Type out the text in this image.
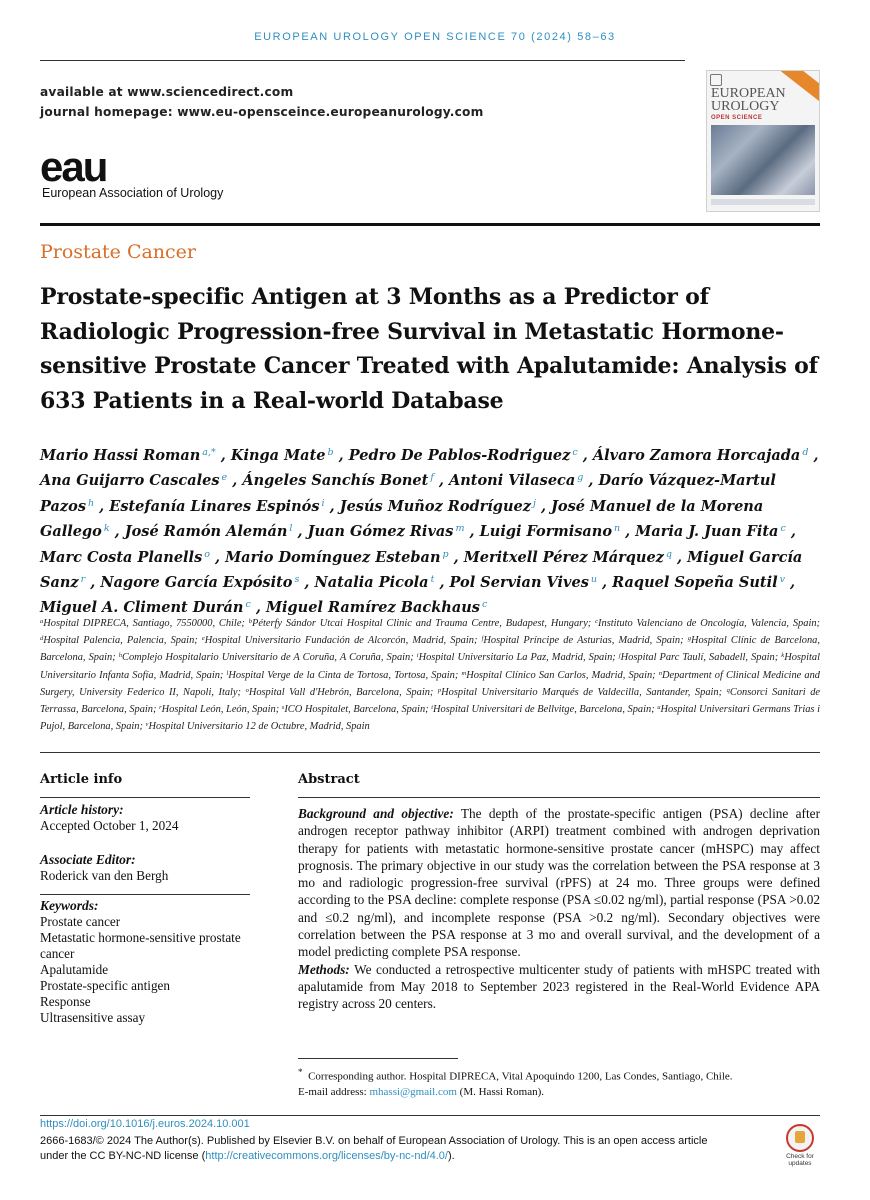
EUROPEAN UROLOGY OPEN SCIENCE 70 (2024) 58–63
available at www.sciencedirect.com
journal homepage: www.eu-opensceince.europeanurology.com
eau
European Association of Urology
EUROPEAN
UROLOGY
OPEN SCIENCE
Prostate Cancer
Prostate-specific Antigen at 3 Months as a Predictor of Radiologic Progression-free Survival in Metastatic Hormone-sensitive Prostate Cancer Treated with Apalutamide: Analysis of 633 Patients in a Real-world Database
Mario Hassi Roman $^{a,*}$ , Kinga Mate $^b$ , Pedro De Pablos-Rodriguez $^c$ , Álvaro Zamora Horcajada $^d$ , Ana Guijarro Cascales $^e$ , Ángeles Sanchís Bonet $^f$ , Antoni Vilaseca $^g$ , Darío Vázquez-Martul Pazos $^h$ , Estefanía Linares Espinós $^i$ , Jesús Muñoz Rodríguez $^j$ , José Manuel de la Morena Gallego $^k$ , José Ramón Alemán $^l$ , Juan Gómez Rivas $^m$ , Luigi Formisano $^n$ , Maria J. Juan Fita $^c$ , Marc Costa Planells $^o$ , Mario Domínguez Esteban $^p$ , Meritxell Pérez Márquez $^q$ , Miguel García Sanz $^r$ , Nagore García Expósito $^s$ , Natalia Picola $^t$ , Pol Servian Vives $^u$ , Raquel Sopeña Sutil $^v$ , Miguel A. Climent Durán $^c$ , Miguel Ramírez Backhaus $^c$
$^a$Hospital DIPRECA, Santiago, 7550000, Chile; $^b$Péterfy Sándor Utcai Hospital Clinic and Trauma Centre, Budapest, Hungary; $^c$Instituto Valenciano de Oncología, Valencia, Spain; $^d$Hospital Palencia, Palencia, Spain; $^e$Hospital Universitario Fundación de Alcorcón, Madrid, Spain; $^f$Hospital Príncipe de Asturias, Madrid, Spain; $^g$Hospital Clínic de Barcelona, Barcelona, Spain; $^h$Complejo Hospitalario Universitario de A Coruña, A Coruña, Spain; $^i$Hospital Universitario La Paz, Madrid, Spain; $^j$Hospital Parc Taulí, Sabadell, Spain; $^k$Hospital Universitario Infanta Sofía, Madrid, Spain; $^l$Hospital Verge de la Cinta de Tortosa, Tortosa, Spain; $^m$Hospital Clínico San Carlos, Madrid, Spain; $^n$Department of Clinical Medicine and Surgery, University Federico II, Napoli, Italy; $^o$Hospital Vall d'Hebrón, Barcelona, Spain; $^p$Hospital Universitario Marqués de Valdecilla, Santander, Spain; $^q$Consorci Sanitari de Terrassa, Barcelona, Spain; $^r$Hospital León, León, Spain; $^s$ICO Hospitalet, Barcelona, Spain; $^t$Hospital Universitari de Bellvitge, Barcelona, Spain; $^u$Hospital Universitari Germans Trias i Pujol, Barcelona, Spain; $^v$Hospital Universitario 12 de Octubre, Madrid, Spain
Article info
Article history:
Accepted October 1, 2024
Associate Editor:
Roderick van den Bergh
Keywords:
Prostate cancer
Metastatic hormone-sensitive prostate cancer
Apalutamide
Prostate-specific antigen
Response
Ultrasensitive assay
Abstract
Background and objective: The depth of the prostate-specific antigen (PSA) decline after androgen receptor pathway inhibitor (ARPI) treatment combined with androgen deprivation therapy for patients with metastatic hormone-sensitive prostate cancer (mHSPC) may affect prognosis. The primary objective in our study was the correlation between the PSA response at 3 mo and radiologic progression-free survival (rPFS) at 24 mo. Three groups were defined according to the PSA decline: complete response (PSA ≤0.02 ng/ml), partial response (PSA >0.02 and ≤0.2 ng/ml), and incomplete response (PSA >0.2 ng/ml). Secondary objectives were correlation between the PSA response at 3 mo and overall survival, and the development of a model predicting complete PSA response.
Methods: We conducted a retrospective multicenter study of patients with mHSPC treated with apalutamide from May 2018 to September 2023 registered in the Real-World Evidence APA registry across 20 centers.
* Corresponding author. Hospital DIPRECA, Vital Apoquindo 1200, Las Condes, Santiago, Chile.
E-mail address: mhassi@gmail.com (M. Hassi Roman).
https://doi.org/10.1016/j.euros.2024.10.001
2666-1683/© 2024 The Author(s). Published by Elsevier B.V. on behalf of European Association of Urology. This is an open access article
under the CC BY-NC-ND license (http://creativecommons.org/licenses/by-nc-nd/4.0/).	Check for
updates
